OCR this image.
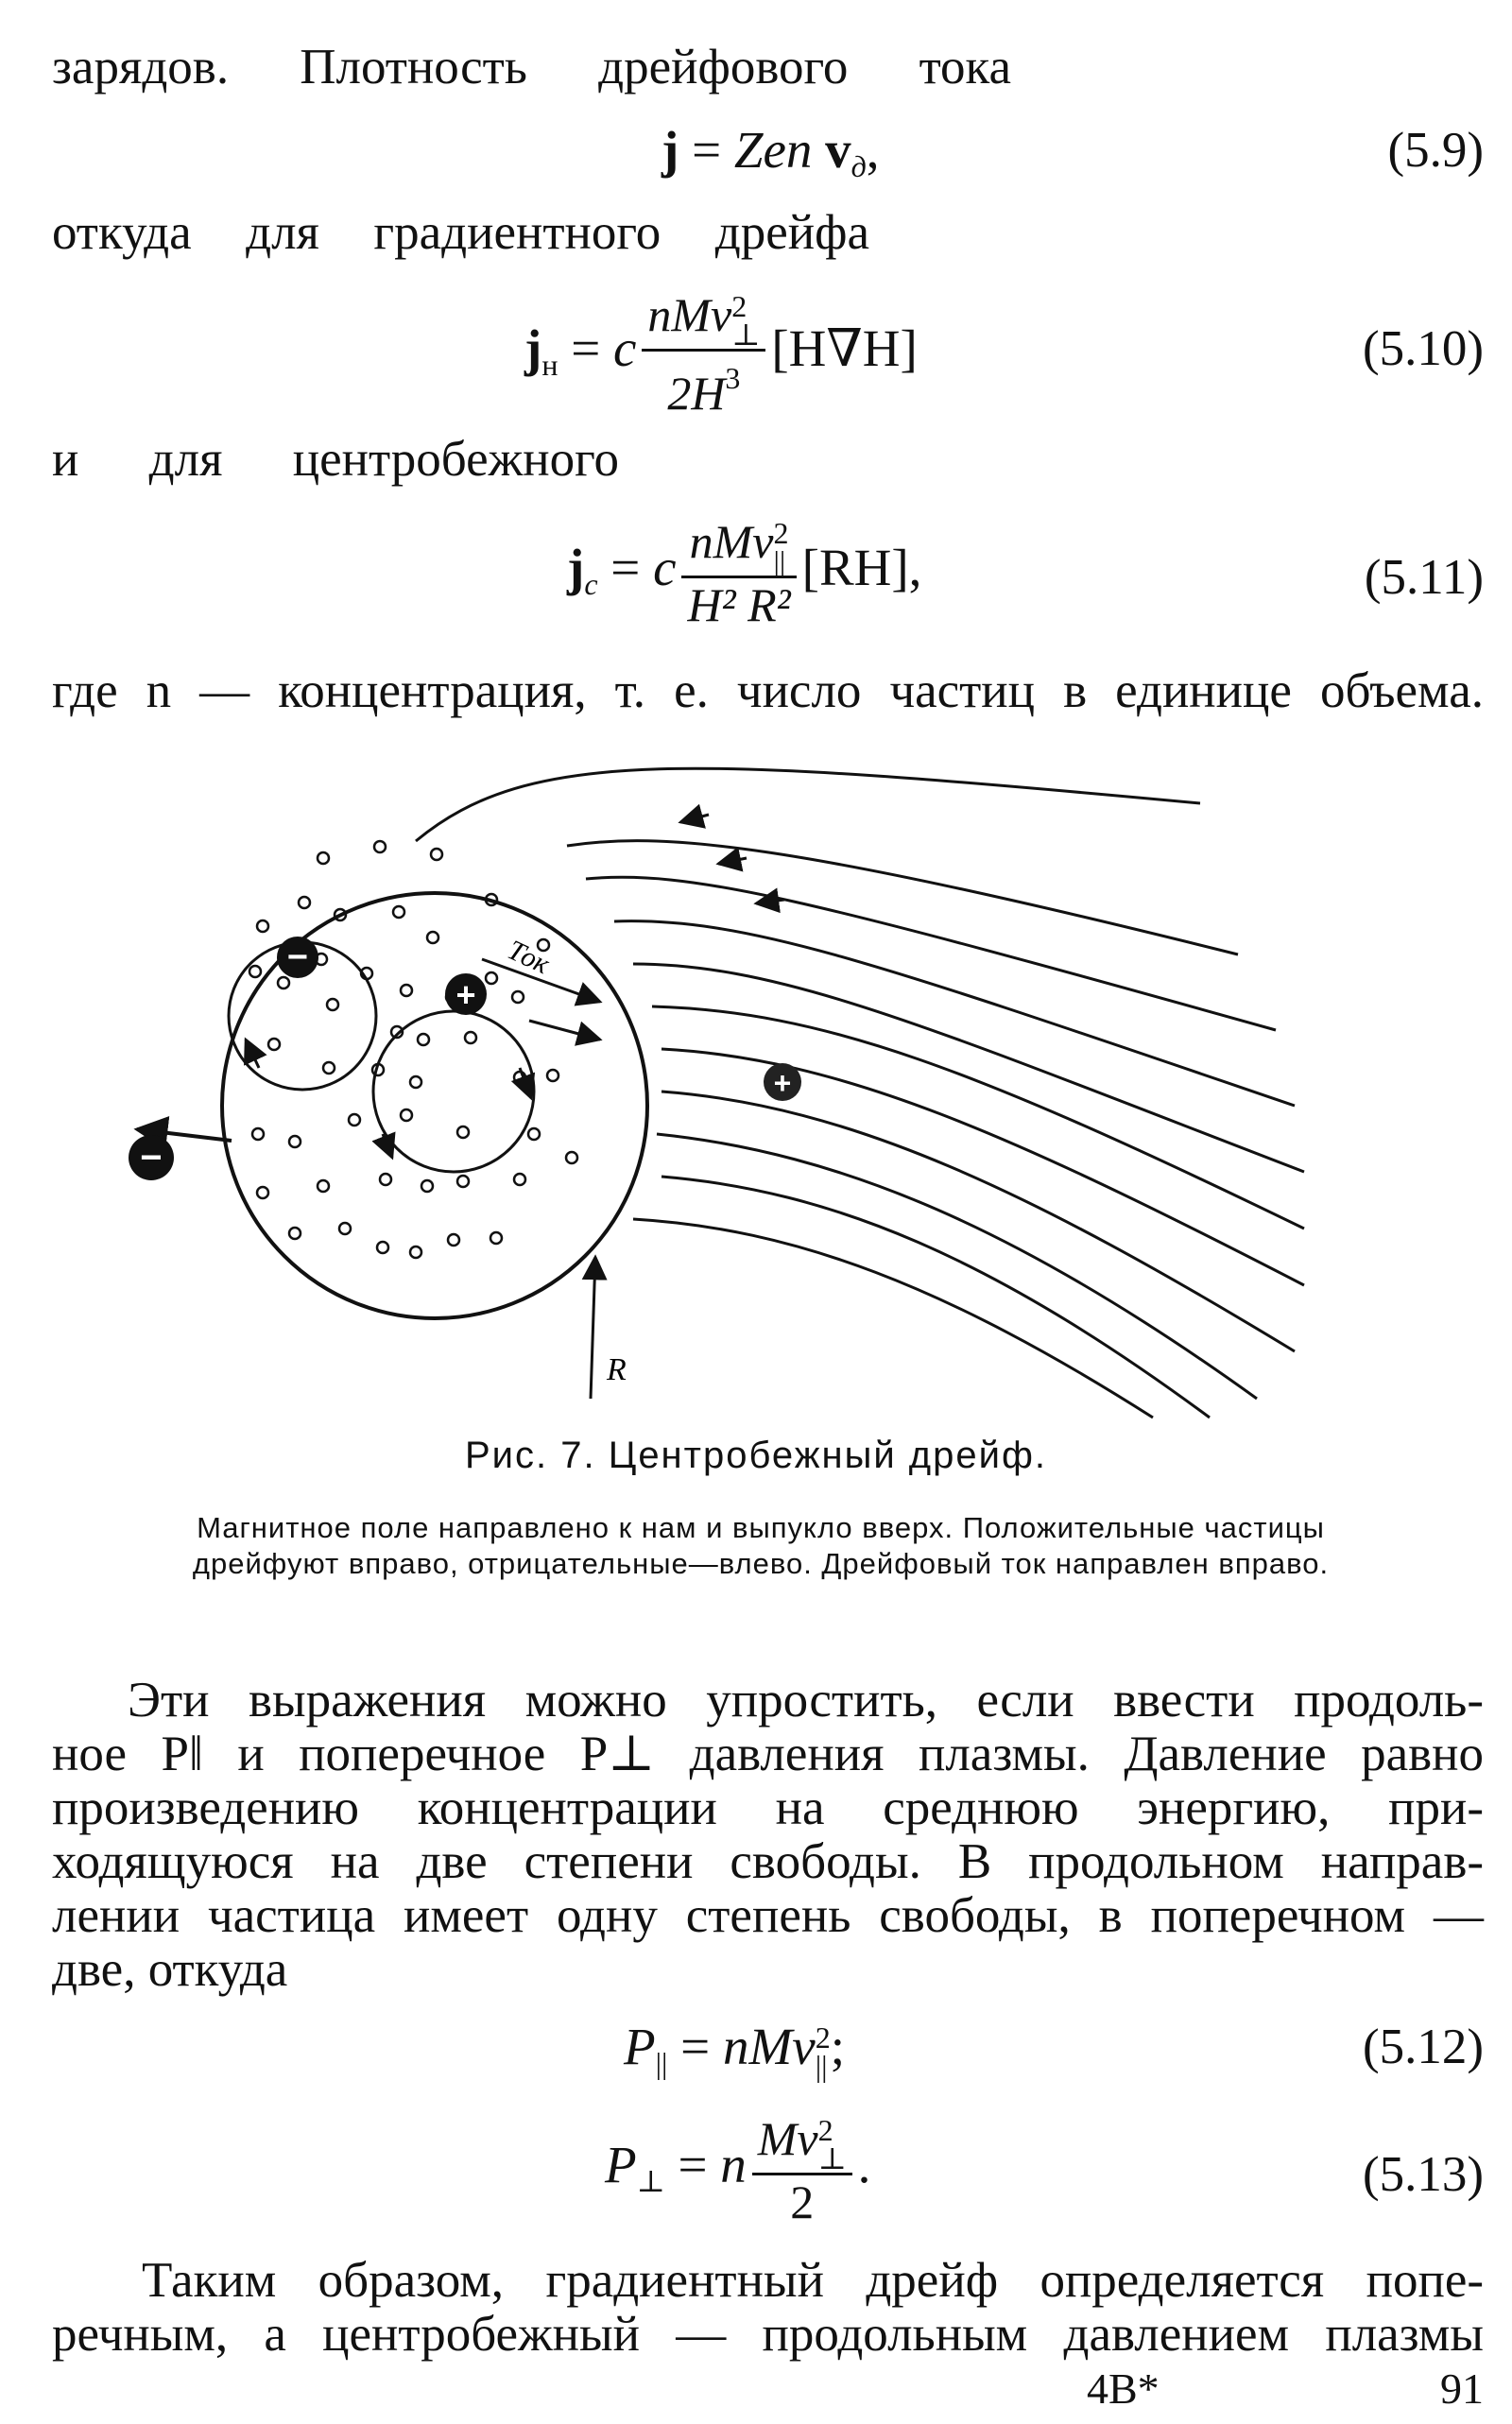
зарядов. Плотность дрейфового тока
j = Zen $v_д$,	(5.9)
откуда для градиентного дрейфа
$j_н = c$ nMv 2
⊥
$2H^3$ [H∇H]	(5.10)
и для центробежного
$j_c = c$ nMv 2
||
H² R² [RH],	(5.11)
где n — концентрация, т. е. число частиц в единице объема.
−
+
+
−
Ток
R
Рис. 7. Центробежный дрейф.
Магнитное поле направлено к нам и выпукло вверх. Положительные частицы дрейфуют вправо, отрицательные—влево. Дрейфовый ток направлен вправо.
Эти выражения можно упростить, если ввести продоль-
ное P‖ и поперечное P⊥ давления плазмы. Давление равно
произведению концентрации на среднюю энергию, при-
ходящуюся на две степени свободы. В продольном направ-
лении частица имеет одну степень свободы, в поперечном —
две, откуда
$P_{||}$ = nMv 2
|| ;	(5.12)
$P_\perp = n$ Mv 2
⊥
2 .	(5.13)
Таким образом, градиентный дрейф определяется попе-
речным, а центробежный — продольным давлением плазмы
4B*	91
